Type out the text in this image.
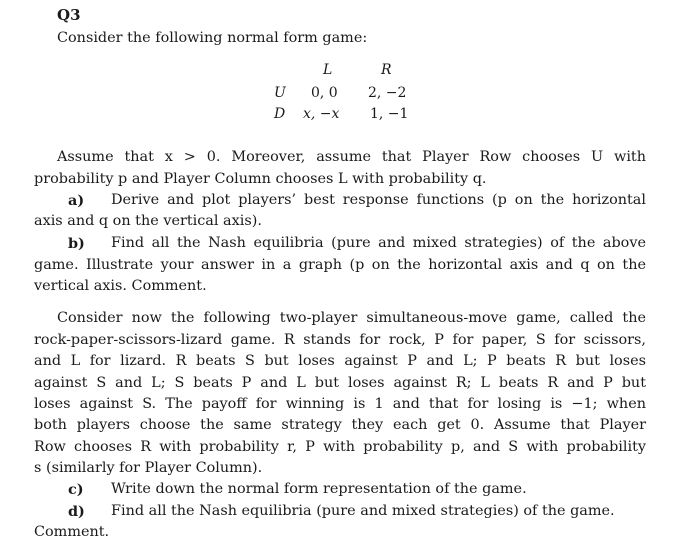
Q3
Consider the following normal form game:
L	R
U 0, 0 2, −2
D x, −x 1, −1
Assume that x > 0. Moreover, assume that Player Row chooses U with
probability p and Player Column chooses L with probability q.
a) Derive and plot players’ best response functions (p on the horizontal
axis and q on the vertical axis).
b) Find all the Nash equilibria (pure and mixed strategies) of the above
game. Illustrate your answer in a graph (p on the horizontal axis and q on the
vertical axis. Comment.
Consider now the following two-player simultaneous-move game, called the
rock-paper-scissors-lizard game. R stands for rock, P for paper, S for scissors,
and L for lizard. R beats S but loses against P and L; P beats R but loses
against S and L; S beats P and L but loses against R; L beats R and P but
loses against S. The payoff for winning is 1 and that for losing is −1; when
both players choose the same strategy they each get 0. Assume that Player
Row chooses R with probability r, P with probability p, and S with probability
s (similarly for Player Column).
c) Write down the normal form representation of the game.
d) Find all the Nash equilibria (pure and mixed strategies) of the game.
Comment.
